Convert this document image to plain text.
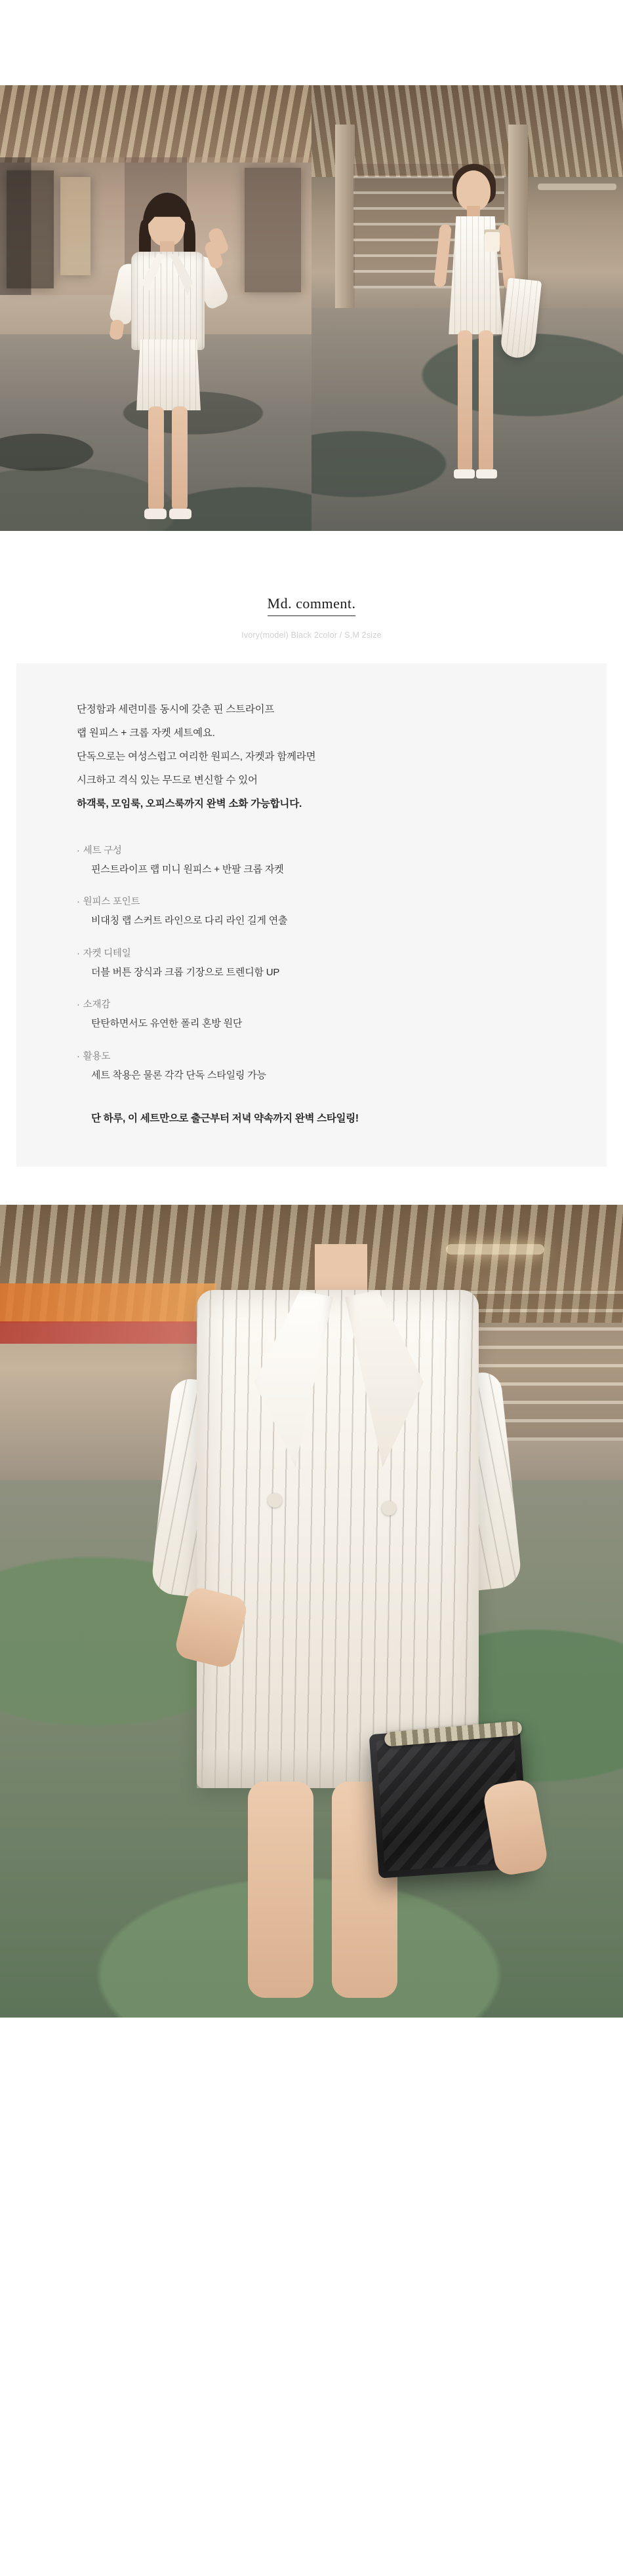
Md. comment.
Ivory(model) Black 2color / S,M 2size

단정함과 세련미를 동시에 갖춘 핀 스트라이프

랩 원피스 + 크롭 자켓 세트예요.

단독으로는 여성스럽고 여리한 원피스, 자켓과 함께라면

시크하고 격식 있는 무드로 변신할 수 있어

하객룩, 모임룩, 오피스룩까지 완벽 소화 가능합니다.

· 세트 구성
핀스트라이프 랩 미니 원피스 + 반팔 크롭 자켓
· 원피스 포인트
비대칭 랩 스커트 라인으로 다리 라인 길게 연출
· 자켓 디테일
더블 버튼 장식과 크롭 기장으로 트렌디함 UP
· 소재감
탄탄하면서도 유연한 폴리 혼방 원단
· 활용도
세트 착용은 물론 각각 단독 스타일링 가능
단 하루, 이 세트만으로 출근부터 저녁 약속까지 완벽 스타일링!
